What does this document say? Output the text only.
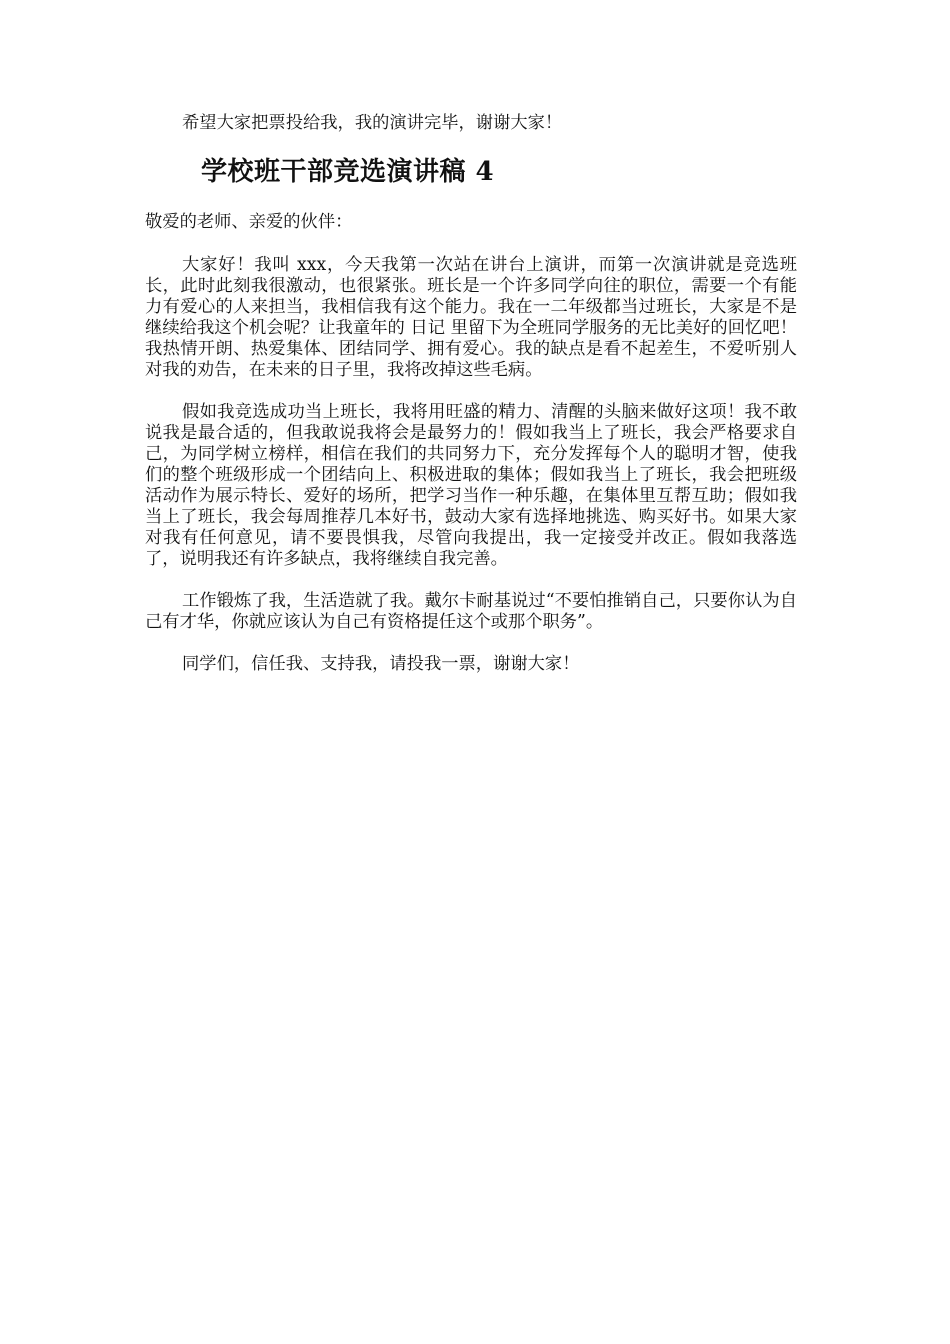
希望大家把票投给我，我的演讲完毕，谢谢大家！

学校班干部竞选演讲稿 4

敬爱的老师、亲爱的伙伴：

大家好！我叫 xxx，今天我第一次站在讲台上演讲，而第一次演讲就是竞选班长，此时此刻我很激动，也很紧张。班长是一个许多同学向往的职位，需要一个有能力有爱心的人来担当，我相信我有这个能力。我在一二年级都当过班长，大家是不是继续给我这个机会呢？让我童年的 日记 里留下为全班同学服务的无比美好的回忆吧！我热情开朗、热爱集体、团结同学、拥有爱心。我的缺点是看不起差生，不爱听别人对我的劝告，在未来的日子里，我将改掉这些毛病。

假如我竞选成功当上班长，我将用旺盛的精力、清醒的头脑来做好这项！我不敢说我是最合适的，但我敢说我将会是最努力的！假如我当上了班长，我会严格要求自己，为同学树立榜样，相信在我们的共同努力下，充分发挥每个人的聪明才智，使我们的整个班级形成一个团结向上、积极进取的集体；假如我当上了班长，我会把班级活动作为展示特长、爱好的场所，把学习当作一种乐趣，在集体里互帮互助；假如我当上了班长，我会每周推荐几本好书，鼓动大家有选择地挑选、购买好书。如果大家对我有任何意见，请不要畏惧我，尽管向我提出，我一定接受并改正。假如我落选了，说明我还有许多缺点，我将继续自我完善。

工作锻炼了我，生活造就了我。戴尔卡耐基说过“不要怕推销自己，只要你认为自己有才华，你就应该认为自己有资格提任这个或那个职务”。

同学们，信任我、支持我，请投我一票，谢谢大家！
